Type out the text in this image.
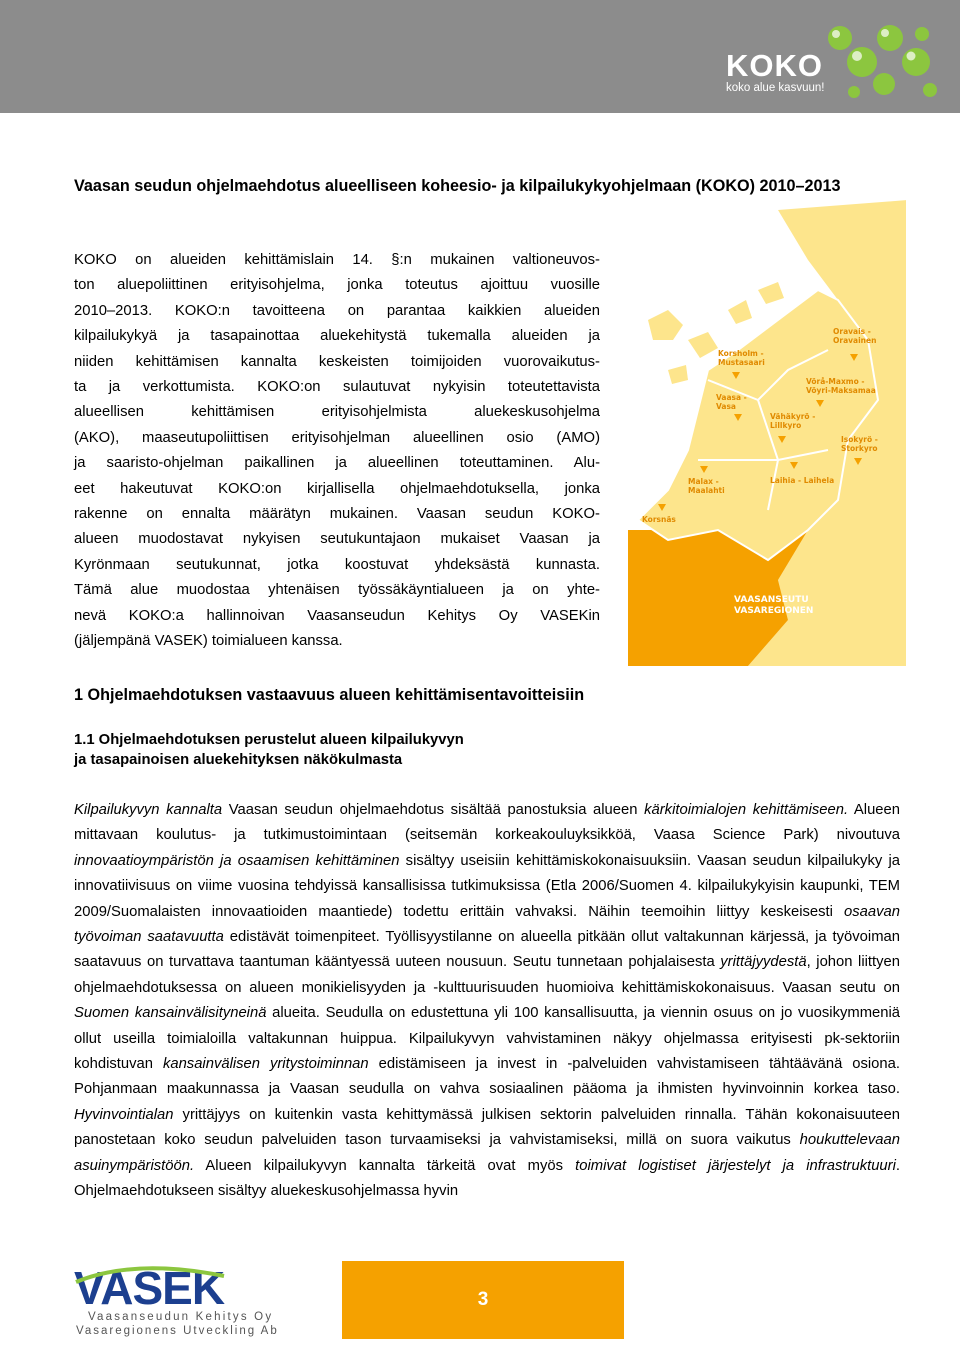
KOKO
koko alue kasvuun!

Vaasan seudun ohjelmaehdotus alueelliseen koheesio- ja kilpailukykyohjelmaan (KOKO) 2010–2013

KOKO on alueiden kehittämislain 14. §:n mukainen valtioneuvos-
ton aluepoliittinen erityisohjelma, jonka toteutus ajoittuu vuosille
2010–2013. KOKO:n tavoitteena on parantaa kaikkien alueiden
kilpailukykyä ja tasapainottaa aluekehitystä tukemalla alueiden ja
niiden kehittämisen kannalta keskeisten toimijoiden vuorovaikutus-
ta ja verkottumista. KOKO:on sulautuvat nykyisin toteutettavista
alueellisen kehittämisen erityisohjelmista aluekeskusohjelma
(AKO), maaseutupoliittisen erityisohjelman alueellinen osio (AMO)
ja saaristo-ohjelman paikallinen ja alueellinen toteuttaminen. Alu-
eet hakeutuvat KOKO:on kirjallisella ohjelmaehdotuksella, jonka
rakenne on ennalta määrätyn mukainen. Vaasan seudun KOKO-
alueen muodostavat nykyisen seutukuntajaon mukaiset Vaasan ja
Kyrönmaan seutukunnat, jotka koostuvat yhdeksästä kunnasta.
Tämä alue muodostaa yhtenäisen työssäkäyntialueen ja on yhte-
nevä KOKO:a hallinnoivan Vaasanseudun Kehitys Oy VASEKin
(jäljempänä VASEK) toimialueen kanssa.
Oravais -
Oravainen
Korsholm -
Mustasaari
Vaasa -
Vasa
Vörå-Maxmo -
Vöyri-Maksamaa
Vähäkyrö -
Lillkyro
Isokyrö -
Storkyro
Laihia - Laihela
Malax -
Maalahti
Korsnäs
VAASANSEUTU
VASAREGIONEN

1 Ohjelmaehdotuksen vastaavuus alueen kehittämisentavoitteisiin

1.1 Ohjelmaehdotuksen perustelut alueen kilpailukyvyn
ja tasapainoisen aluekehityksen näkökulmasta

Kilpailukyvyn kannalta Vaasan seudun ohjelmaehdotus sisältää panostuksia alueen kärkitoimialojen kehittämiseen. Alueen mittavaan koulutus- ja tutkimustoimintaan (seitsemän korkeakouluyksikköä, Vaasa Science Park) nivoutuva innovaatioympäristön ja osaamisen kehittäminen sisältyy useisiin kehittämiskokonaisuuksiin. Vaasan seudun kilpailukyky ja innovatiivisuus on viime vuosina tehdyissä kansallisissa tutkimuksissa (Etla 2006/Suomen 4. kilpailukykyisin kaupunki, TEM 2009/Suomalaisten innovaatioiden maantiede) todettu erittäin vahvaksi. Näihin teemoihin liittyy keskeisesti osaavan työvoiman saatavuutta edistävät toimenpiteet. Työllisyystilanne on alueella pitkään ollut valtakunnan kärjessä, ja työvoiman saatavuus on turvattava taantuman kääntyessä uuteen nousuun. Seutu tunnetaan pohjalaisesta yrittäjyydestä, johon liittyen ohjelmaehdotuksessa on alueen monikielisyyden ja -kulttuurisuuden huomioiva kehittämiskokonaisuus. Vaasan seutu on Suomen kansainvälisityneinä alueita. Seudulla on edustettuna yli 100 kansallisuutta, ja viennin osuus on jo vuosikymmeniä ollut useilla toimialoilla valtakunnan huippua. Kilpailukyvyn vahvistaminen näkyy ohjelmassa erityisesti pk-sektoriin kohdistuvan kansainvälisen yritystoiminnan edistämiseen ja invest in -palveluiden vahvistamiseen tähtäävänä osiona. Pohjanmaan maakunnassa ja Vaasan seudulla on vahva sosiaalinen pääoma ja ihmisten hyvinvoinnin korkea taso. Hyvinvointialan yrittäjyys on kuitenkin vasta kehittymässä julkisen sektorin palveluiden rinnalla. Tähän kokonaisuuteen panostetaan koko seudun palveluiden tason turvaamiseksi ja vahvistamiseksi, millä on suora vaikutus houkuttelevaan asuinympäristöön. Alueen kilpailukyvyn kannalta tärkeitä ovat myös toimivat logistiset järjestelyt ja infrastruktuuri. Ohjelmaehdotukseen sisältyy aluekeskusohjelmassa hyvin

VASEK
Vaasanseudun Kehitys Oy
Vasaregionens Utveckling Ab
3
